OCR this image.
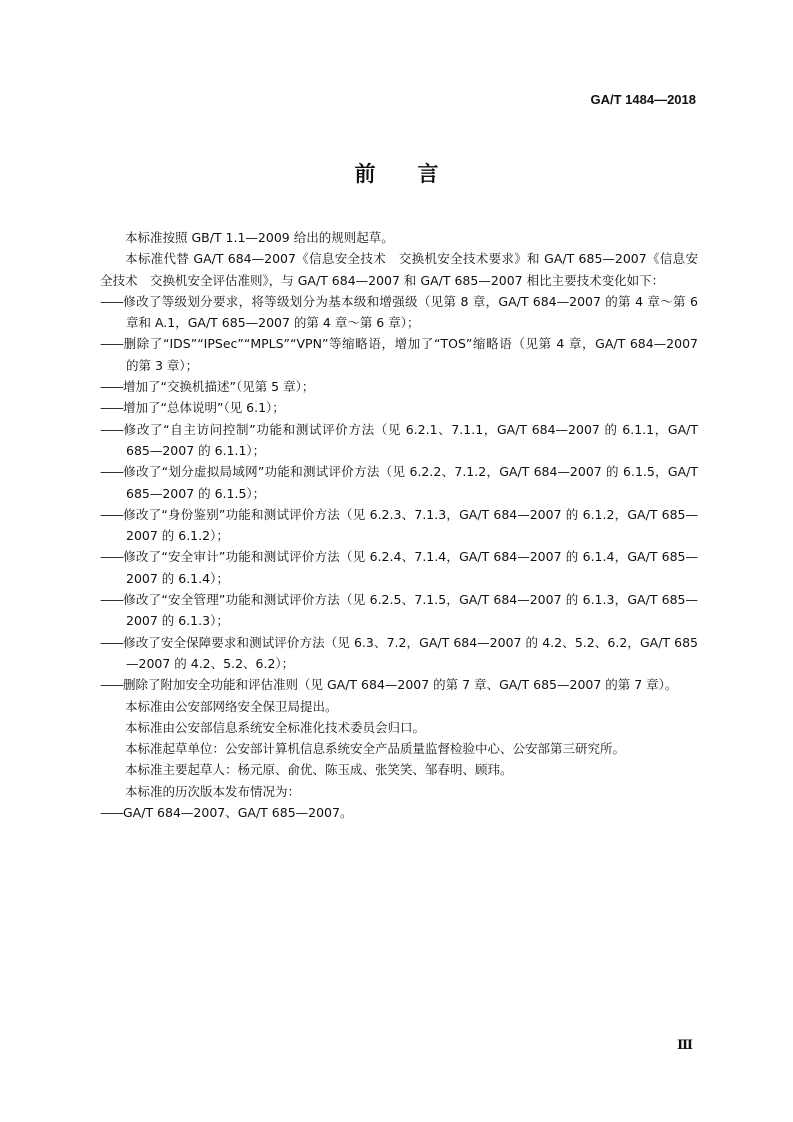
GA/T 1484—2018
前言

本标准按照 GB/T 1.1—2009 给出的规则起草。

本标准代替 GA/T 684—2007《信息安全技术　交换机安全技术要求》和 GA/T 685—2007《信息安全技术　交换机安全评估准则》，与 GA/T 684—2007 和 GA/T 685—2007 相比主要技术变化如下：

——修改了等级划分要求，将等级划分为基本级和增强级（见第 8 章，GA/T 684—2007 的第 4 章～第 6 章和 A.1，GA/T 685—2007 的第 4 章～第 6 章）；

——删除了“IDS”“IPSec”“MPLS”“VPN”等缩略语，增加了“TOS”缩略语（见第 4 章，GA/T 684—2007 的第 3 章）；

——增加了“交换机描述”（见第 5 章）；

——增加了“总体说明”（见 6.1）；

——修改了“自主访问控制”功能和测试评价方法（见 6.2.1、7.1.1，GA/T 684—2007 的 6.1.1，GA/T 685—2007 的 6.1.1）；

——修改了“划分虚拟局域网”功能和测试评价方法（见 6.2.2、7.1.2，GA/T 684—2007 的 6.1.5，GA/T 685—2007 的 6.1.5）；

——修改了“身份鉴别”功能和测试评价方法（见 6.2.3、7.1.3，GA/T 684—2007 的 6.1.2，GA/T 685—2007 的 6.1.2）；

——修改了“安全审计”功能和测试评价方法（见 6.2.4、7.1.4，GA/T 684—2007 的 6.1.4，GA/T 685—2007 的 6.1.4）；

——修改了“安全管理”功能和测试评价方法（见 6.2.5、7.1.5，GA/T 684—2007 的 6.1.3，GA/T 685—2007 的 6.1.3）；

——修改了安全保障要求和测试评价方法（见 6.3、7.2，GA/T 684—2007 的 4.2、5.2、6.2，GA/T 685—2007 的 4.2、5.2、6.2）；

——删除了附加安全功能和评估准则（见 GA/T 684—2007 的第 7 章、GA/T 685—2007 的第 7 章）。

本标准由公安部网络安全保卫局提出。

本标准由公安部信息系统安全标准化技术委员会归口。

本标准起草单位：公安部计算机信息系统安全产品质量监督检验中心、公安部第三研究所。

本标准主要起草人：杨元原、俞优、陈玉成、张笑笑、邹春明、顾玮。

本标准的历次版本发布情况为：

——GA/T 684—2007、GA/T 685—2007。

Ⅲ
